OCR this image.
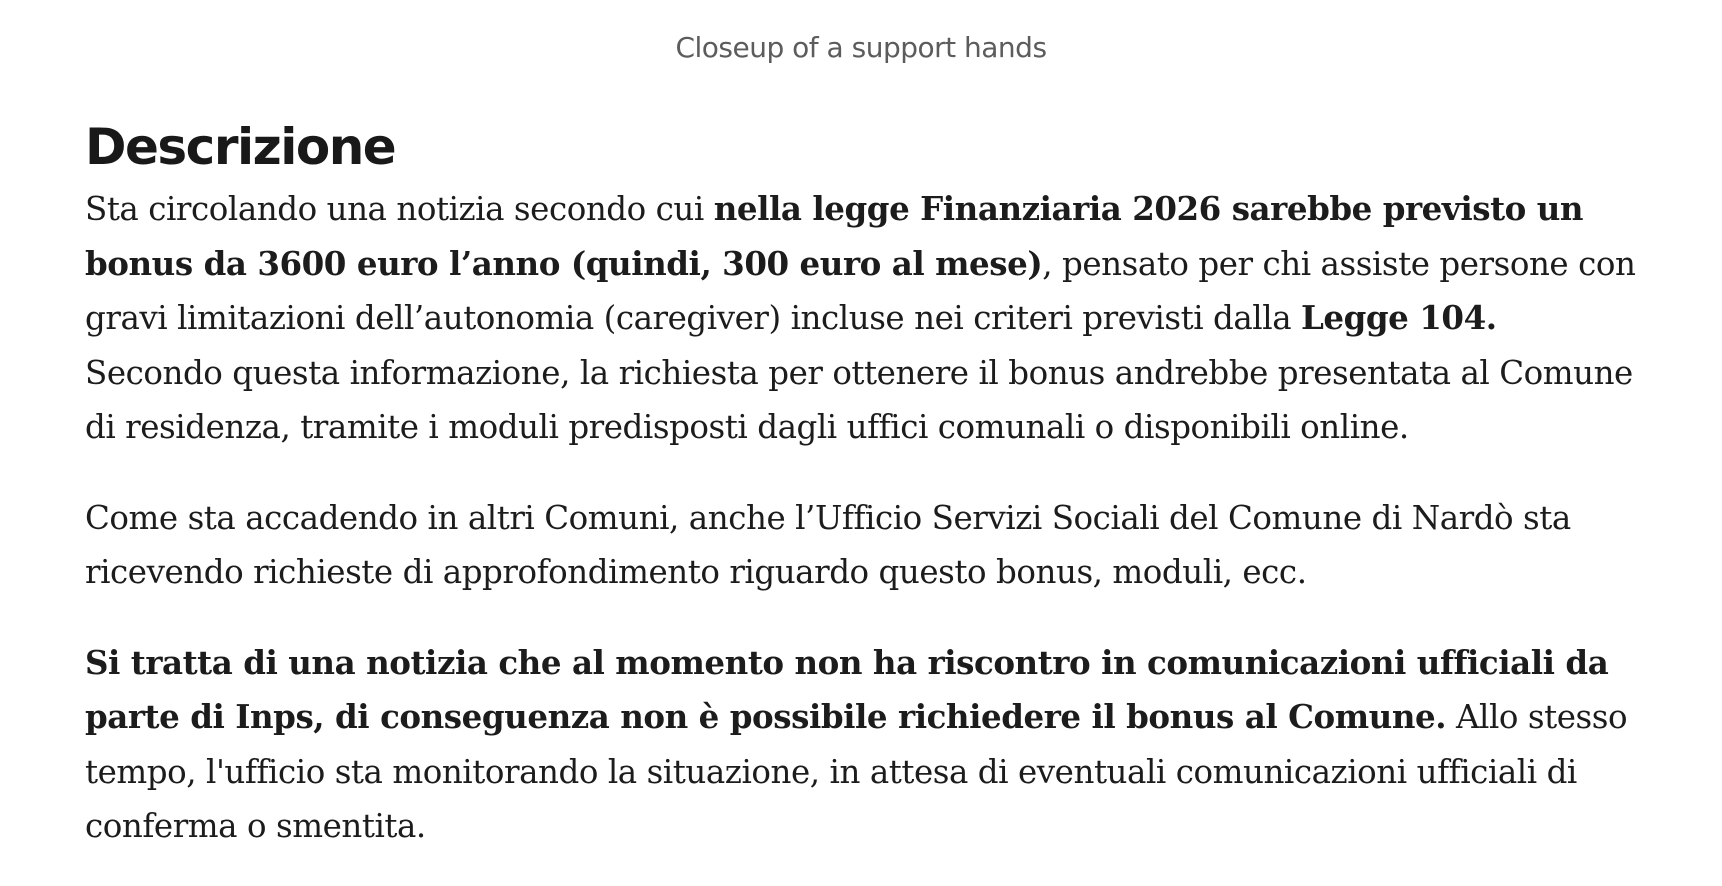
Closeup of a support hands
Descrizione

Sta circolando una notizia secondo cui nella legge Finanziaria 2026 sarebbe previsto un bonus da 3600 euro l’anno (quindi, 300 euro al mese), pensato per chi assiste persone con gravi limitazioni dell’autonomia (caregiver) incluse nei criteri previsti dalla Legge 104.
Secondo questa informazione, la richiesta per ottenere il bonus andrebbe presentata al Comune di residenza, tramite i moduli predisposti dagli uffici comunali o disponibili online.

Come sta accadendo in altri Comuni, anche l’Ufficio Servizi Sociali del Comune di Nardò sta ricevendo richieste di approfondimento riguardo questo bonus, moduli, ecc.

Si tratta di una notizia che al momento non ha riscontro in comunicazioni ufficiali da parte di Inps, di conseguenza non è possibile richiedere il bonus al Comune. Allo stesso tempo, l'ufficio sta monitorando la situazione, in attesa di eventuali comunicazioni ufficiali di conferma o smentita.
